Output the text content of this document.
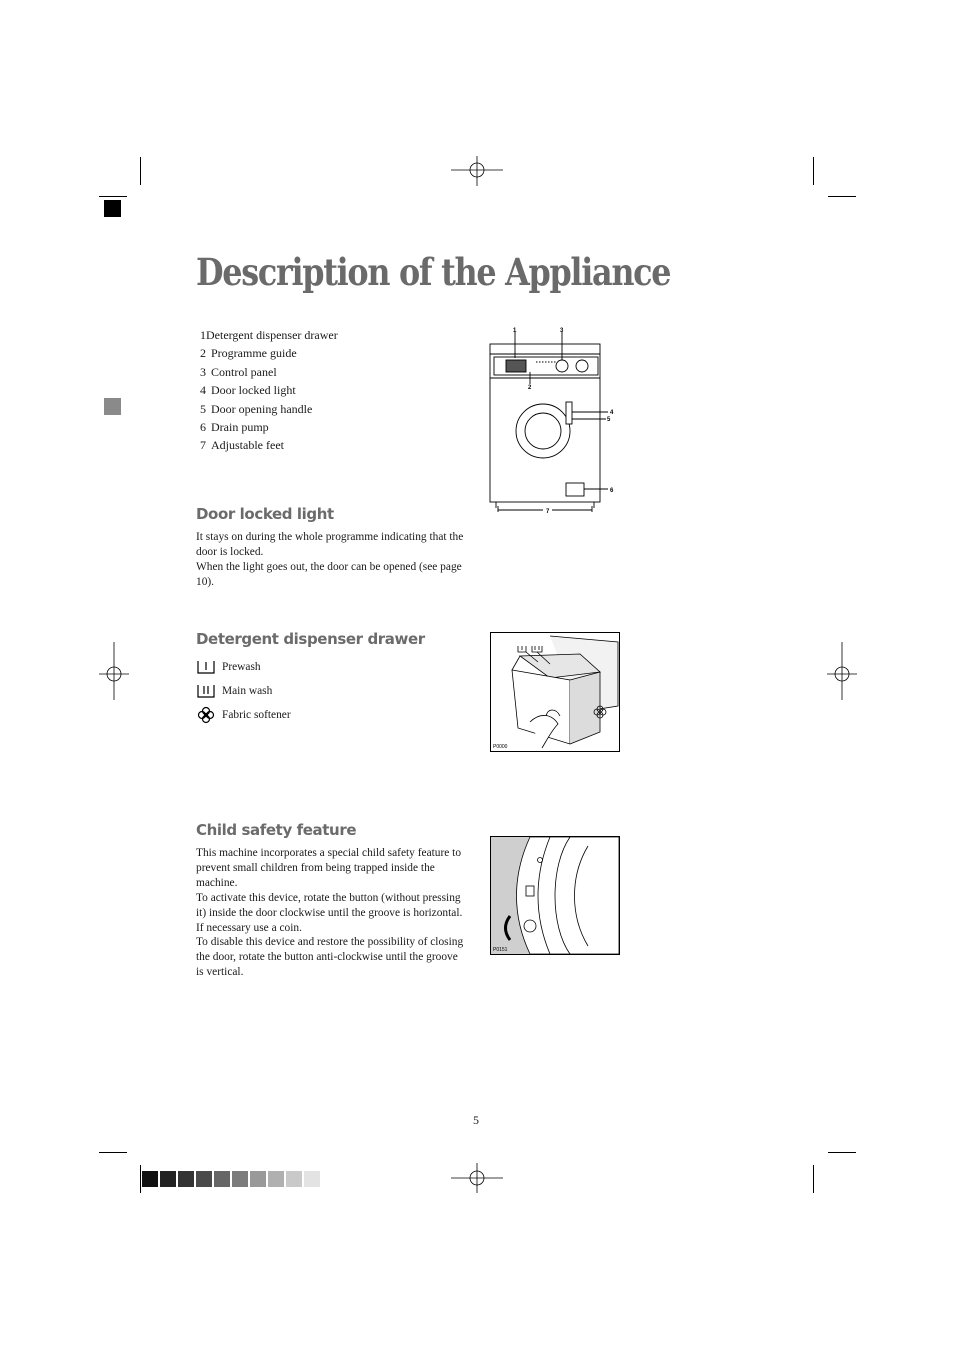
Description of the Appliance
1Detergent dispenser drawer
2 Programme guide
3 Control panel
4 Door locked light
5 Door opening handle
6 Drain pump
7 Adjustable feet
1
2
3
4
5
6
7
Door locked light

It stays on during the whole programme indicating that the door is locked.

When the light goes out, the door can be opened (see page 10).

Detergent dispenser drawer
Prewash
Main wash
Fabric softener
P0000
Child safety feature

This machine incorporates a special child safety feature to prevent small children from being trapped inside the machine.

To activate this device, rotate the button (without pressing it) inside the door clockwise until the groove is horizontal. If necessary use a coin.

To disable this device and restore the possibility of closing the door, rotate the button anti-clockwise until the groove is vertical.

P0151
5
